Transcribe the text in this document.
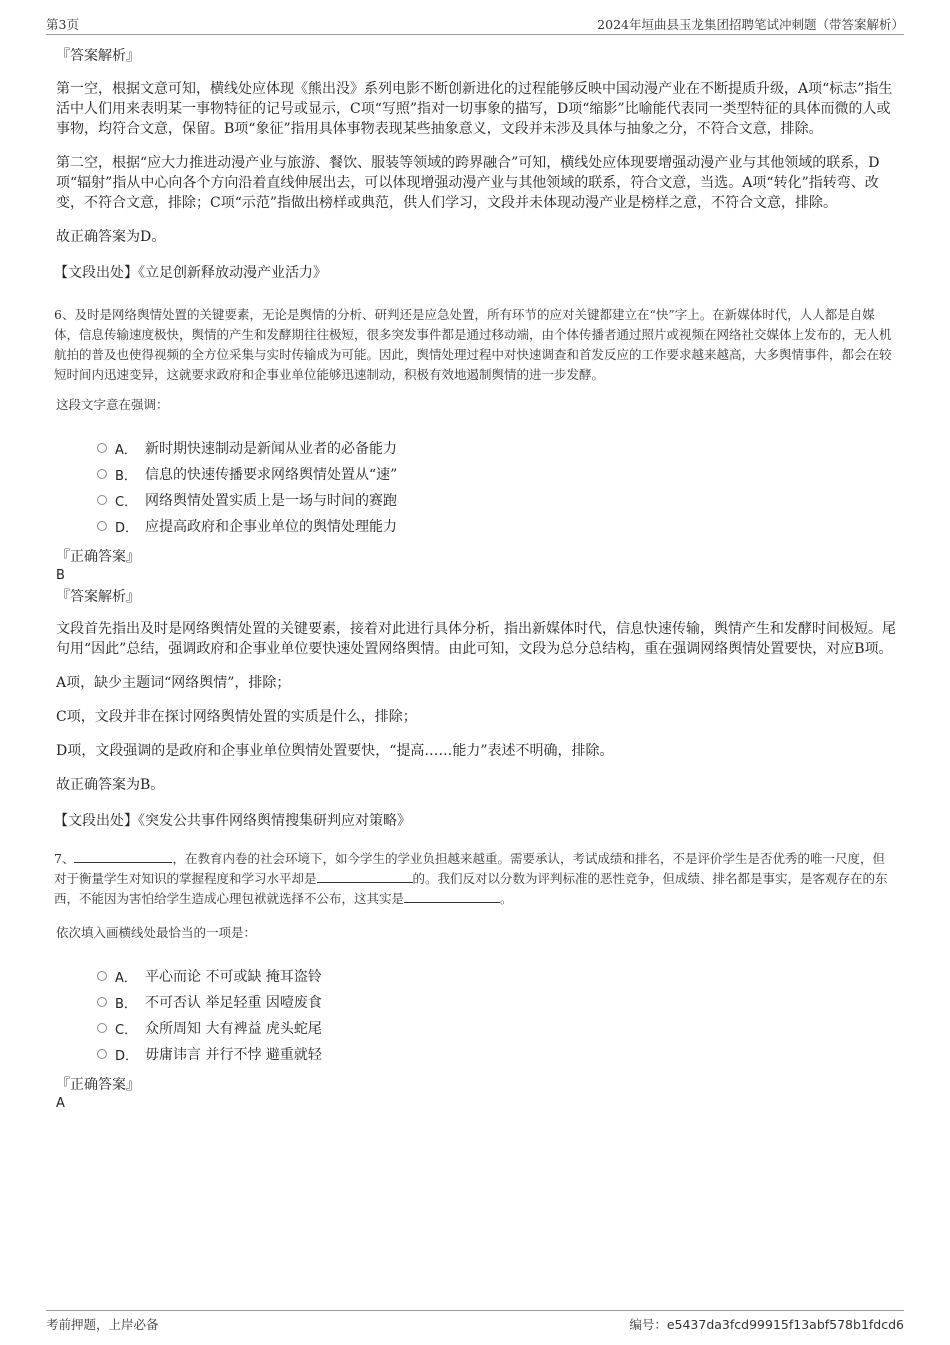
第3页	2024年垣曲县玉龙集团招聘笔试冲刺题（带答案解析）

『答案解析』

第一空，根据文意可知，横线处应体现《熊出没》系列电影不断创新进化的过程能够反映中国动漫产业在不断提质升级，A项“标志”指生活中人们用来表明某一事物特征的记号或显示，C项“写照”指对一切事象的描写，D项“缩影”比喻能代表同一类型特征的具体而微的人或事物，均符合文意，保留。B项“象征”指用具体事物表现某些抽象意义，文段并未涉及具体与抽象之分，不符合文意，排除。

第二空，根据“应大力推进动漫产业与旅游、餐饮、服装等领域的跨界融合”可知，横线处应体现要增强动漫产业与其他领域的联系，D项“辐射”指从中心向各个方向沿着直线伸展出去，可以体现增强动漫产业与其他领域的联系，符合文意，当选。A项“转化”指转弯、改变，不符合文意，排除；C项“示范”指做出榜样或典范，供人们学习，文段并未体现动漫产业是榜样之意，不符合文意，排除。

故正确答案为D。

【文段出处】《立足创新释放动漫产业活力》

6、及时是网络舆情处置的关键要素，无论是舆情的分析、研判还是应急处置，所有环节的应对关键都建立在“快”字上。在新媒体时代，人人都是自媒体，信息传输速度极快，舆情的产生和发酵期往往极短，很多突发事件都是通过移动端，由个体传播者通过照片或视频在网络社交媒体上发布的，无人机航拍的普及也使得视频的全方位采集与实时传输成为可能。因此，舆情处理过程中对快速调查和首发反应的工作要求越来越高，大多舆情事件，都会在较短时间内迅速变异，这就要求政府和企事业单位能够迅速制动，积极有效地遏制舆情的进一步发酵。

这段文字意在强调：

A． 新时期快速制动是新闻从业者的必备能力
B． 信息的快速传播要求网络舆情处置从“速”
C． 网络舆情处置实质上是一场与时间的赛跑
D． 应提高政府和企事业单位的舆情处理能力

『正确答案』

B

『答案解析』

文段首先指出及时是网络舆情处置的关键要素，接着对此进行具体分析，指出新媒体时代，信息快速传输，舆情产生和发酵时间极短。尾句用“因此”总结，强调政府和企事业单位要快速处置网络舆情。由此可知，文段为总分总结构，重在强调网络舆情处置要快，对应B项。

A项，缺少主题词“网络舆情”，排除；

C项，文段并非在探讨网络舆情处置的实质是什么，排除；

D项，文段强调的是政府和企事业单位舆情处置要快，“提高……能力”表述不明确，排除。

故正确答案为B。

【文段出处】《突发公共事件网络舆情搜集研判应对策略》

7、	，在教育内卷的社会环境下，如今学生的学业负担越来越重。需要承认，考试成绩和排名，不是评价学生是否优秀的唯一尺度，但对于衡量学生对知识的掌握程度和学习水平却是	的。我们反对以分数为评判标准的恶性竞争，但成绩、排名都是事实，是客观存在的东西，不能因为害怕给学生造成心理包袱就选择不公布，这其实是	。

依次填入画横线处最恰当的一项是：

A． 平心而论 不可或缺 掩耳盗铃
B． 不可否认 举足轻重 因噎废食
C． 众所周知 大有裨益 虎头蛇尾
D． 毋庸讳言 并行不悖 避重就轻

『正确答案』

A

考前押题，上岸必备	编号：e5437da3fcd99915f13abf578b1fdcd6
